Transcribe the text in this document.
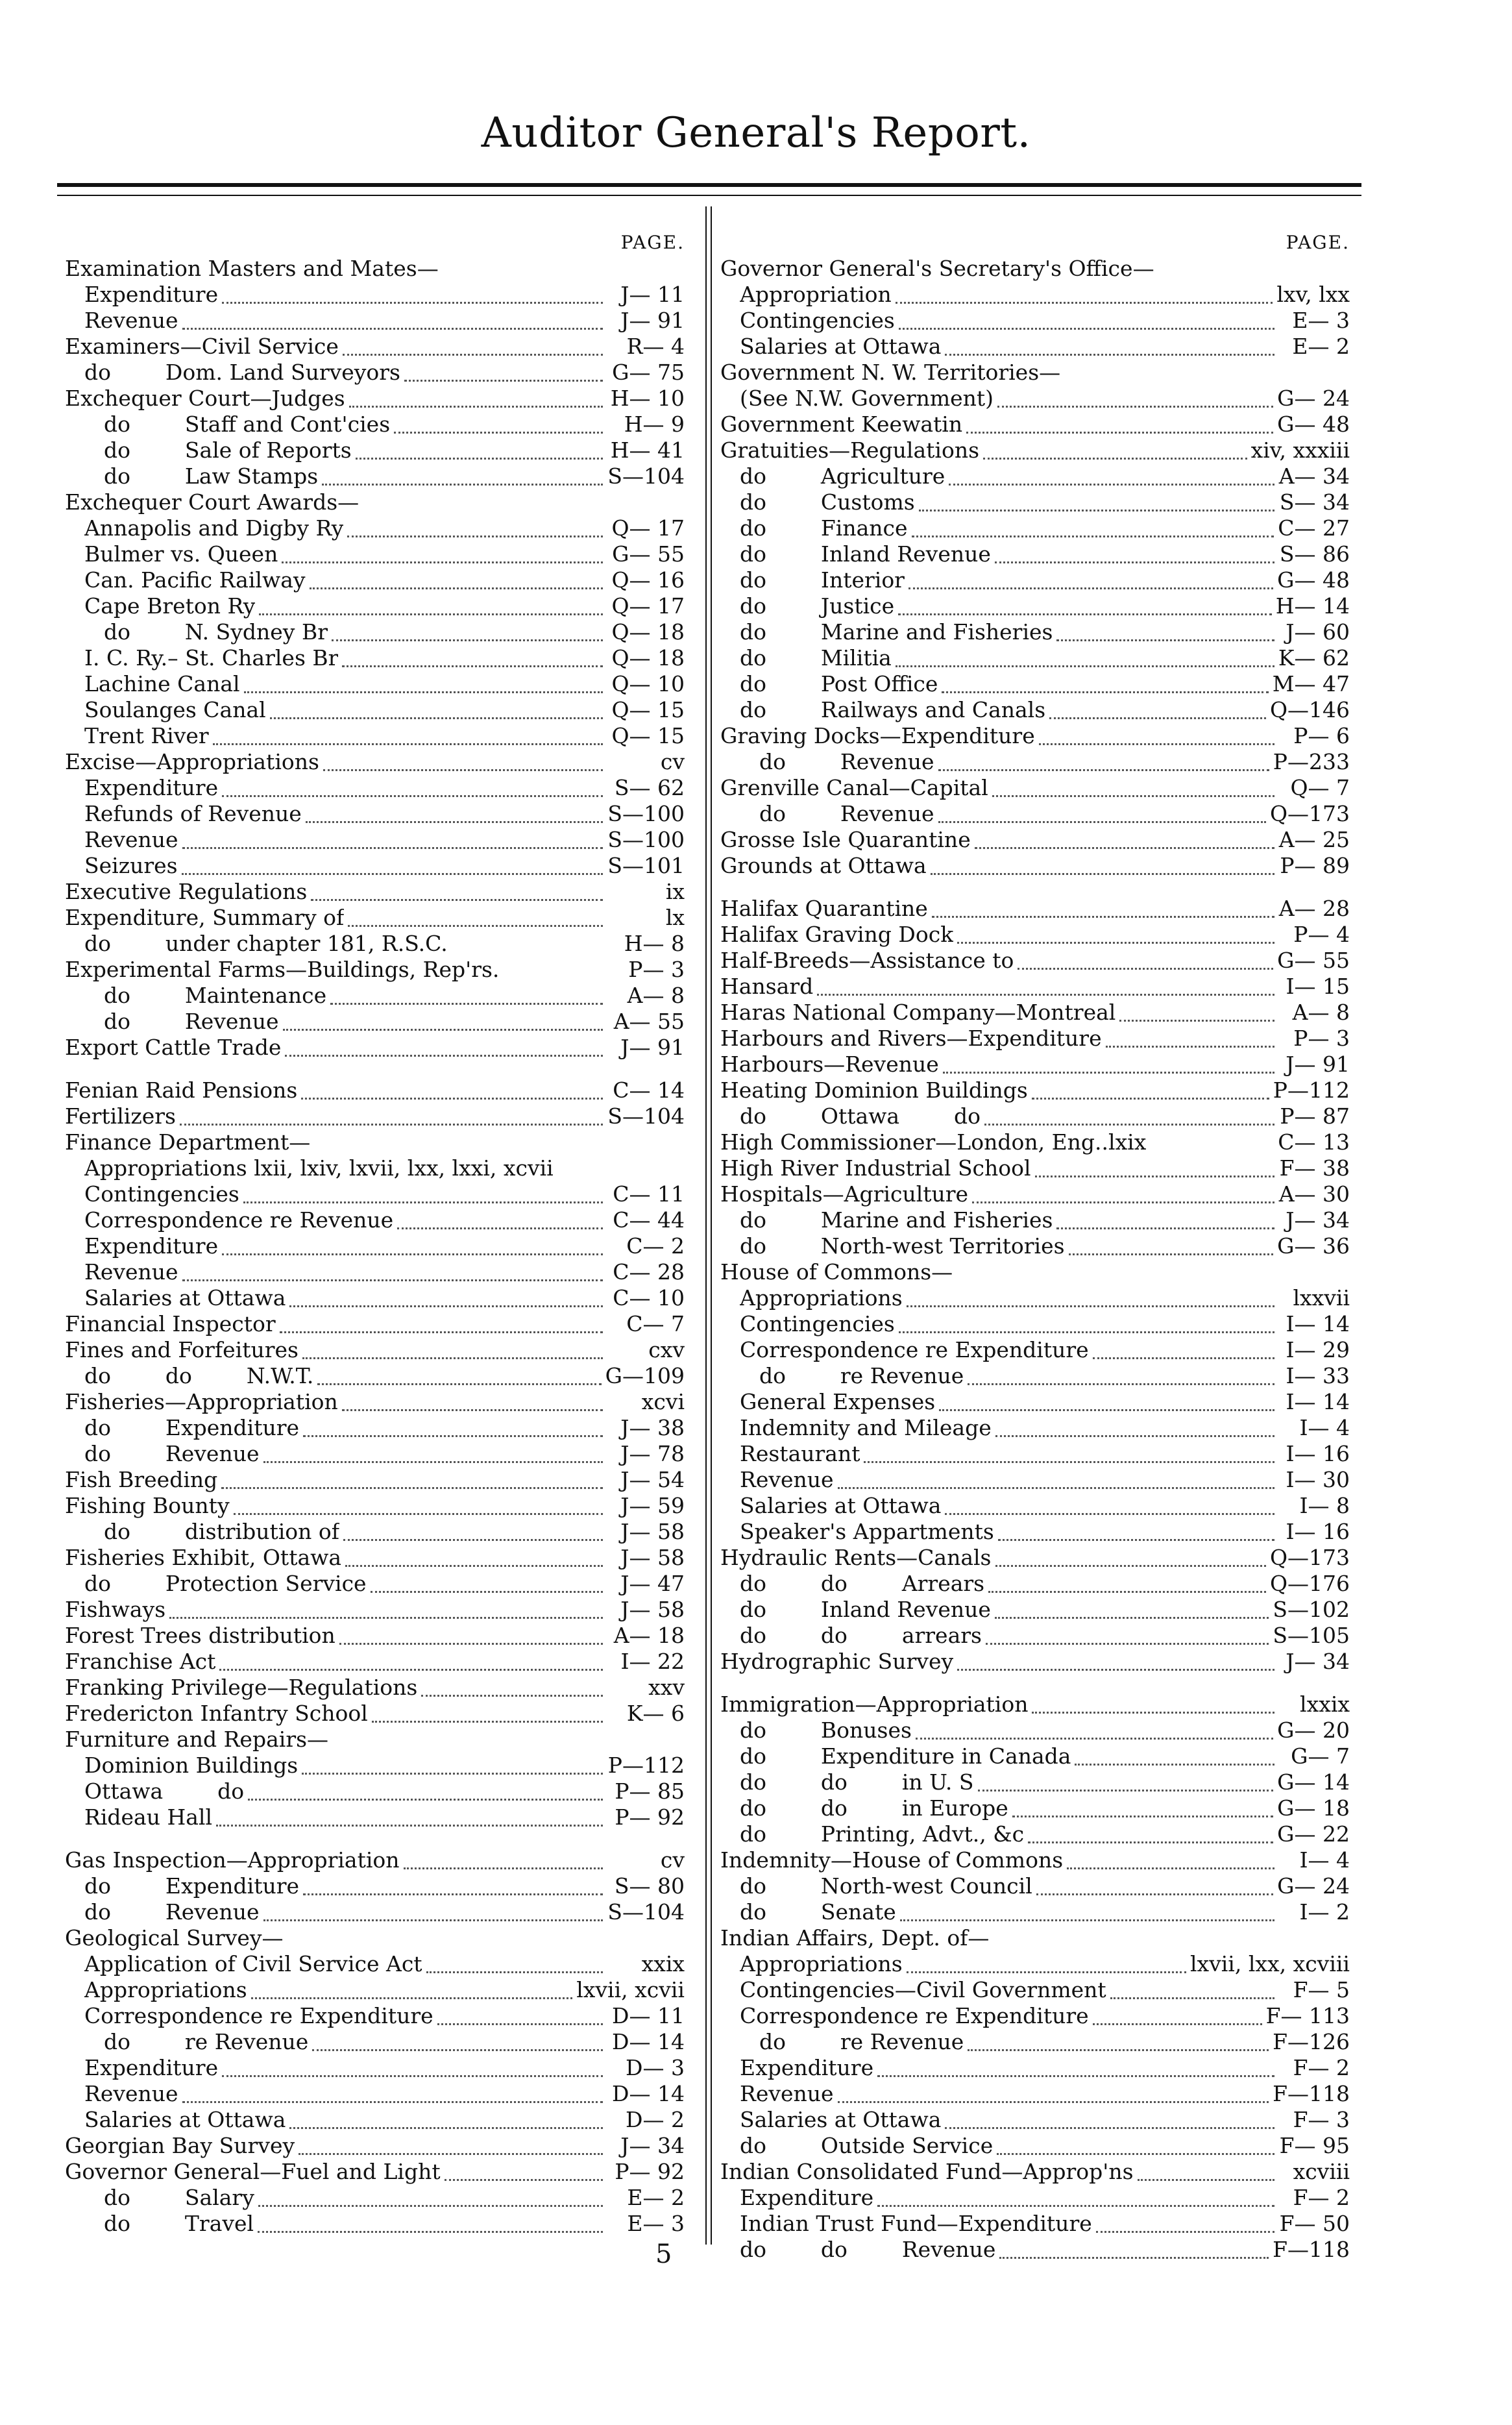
Auditor General's Report.
PAGE.
Examination Masters and Mates—
Expenditure	J— 11
Revenue	J— 91
Examiners—Civil Service	R— 4
do        Dom. Land Surveyors	G— 75
Exchequer Court—Judges	H— 10
do        Staff and Cont'cies	H— 9
do        Sale of Reports	H— 41
do        Law Stamps	S—104
Exchequer Court Awards—
Annapolis and Digby Ry	Q— 17
Bulmer vs. Queen	G— 55
Can. Pacific Railway	Q— 16
Cape Breton Ry	Q— 17
do        N. Sydney Br	Q— 18
I. C. Ry.– St. Charles Br	Q— 18
Lachine Canal	Q— 10
Soulanges Canal	Q— 15
Trent River	Q— 15
Excise—Appropriations	cv
Expenditure	S— 62
Refunds of Revenue	S—100
Revenue	S—100
Seizures	S—101
Executive Regulations	ix
Expenditure, Summary of	lx
do        under chapter 181, R.S.C.	H— 8
Experimental Farms—Buildings, Rep'rs.	P— 3
do        Maintenance	A— 8
do        Revenue	A— 55
Export Cattle Trade	J— 91
Fenian Raid Pensions	C— 14
Fertilizers	S—104
Finance Department—
Appropriations lxii, lxiv, lxvii, lxx, lxxi, xcvii
Contingencies	C— 11
Correspondence re Revenue	C— 44
Expenditure	C— 2
Revenue	C— 28
Salaries at Ottawa	C— 10
Financial Inspector	C— 7
Fines and Forfeitures	cxv
do        do        N.W.T.	G—109
Fisheries—Appropriation	xcvi
do        Expenditure	J— 38
do        Revenue	J— 78
Fish Breeding	J— 54
Fishing Bounty	J— 59
do        distribution of	J— 58
Fisheries Exhibit, Ottawa	J— 58
do        Protection Service	J— 47
Fishways	J— 58
Forest Trees distribution	A— 18
Franchise Act	I— 22
Franking Privilege—Regulations	xxv
Fredericton Infantry School	K— 6
Furniture and Repairs—
Dominion Buildings	P—112
Ottawa        do	P— 85
Rideau Hall	P— 92
Gas Inspection—Appropriation	cv
do        Expenditure	S— 80
do        Revenue	S—104
Geological Survey—
Application of Civil Service Act	xxix
Appropriations	lxvii, xcvii
Correspondence re Expenditure	D— 11
do        re Revenue	D— 14
Expenditure	D— 3
Revenue	D— 14
Salaries at Ottawa	D— 2
Georgian Bay Survey	J— 34
Governor General—Fuel and Light	P— 92
do        Salary	E— 2
do        Travel	E— 3
PAGE.
Governor General's Secretary's Office—
Appropriation	lxv, lxx
Contingencies	E— 3
Salaries at Ottawa	E— 2
Government N. W. Territories—
(See N.W. Government)	G— 24
Government Keewatin	G— 48
Gratuities—Regulations	xiv, xxxiii
do        Agriculture	A— 34
do        Customs	S— 34
do        Finance	C— 27
do        Inland Revenue	S— 86
do        Interior	G— 48
do        Justice	H— 14
do        Marine and Fisheries	J— 60
do        Militia	K— 62
do        Post Office	M— 47
do        Railways and Canals	Q—146
Graving Docks—Expenditure	P— 6
do        Revenue	P—233
Grenville Canal—Capital	Q— 7
do        Revenue	Q—173
Grosse Isle Quarantine	A— 25
Grounds at Ottawa	P— 89
Halifax Quarantine	A— 28
Halifax Graving Dock	P— 4
Half-Breeds—Assistance to	G— 55
Hansard	I— 15
Haras National Company—Montreal	A— 8
Harbours and Rivers—Expenditure	P— 3
Harbours—Revenue	J— 91
Heating Dominion Buildings	P—112
do        Ottawa        do	P— 87
High Commissioner—London, Eng..lxix	C— 13
High River Industrial School	F— 38
Hospitals—Agriculture	A— 30
do        Marine and Fisheries	J— 34
do        North-west Territories	G— 36
House of Commons—
Appropriations	lxxvii
Contingencies	I— 14
Correspondence re Expenditure	I— 29
do        re Revenue	I— 33
General Expenses	I— 14
Indemnity and Mileage	I— 4
Restaurant	I— 16
Revenue	I— 30
Salaries at Ottawa	I— 8
Speaker's Appartments	I— 16
Hydraulic Rents—Canals	Q—173
do        do        Arrears	Q—176
do        Inland Revenue	S—102
do        do        arrears	S—105
Hydrographic Survey	J— 34
Immigration—Appropriation	lxxix
do        Bonuses	G— 20
do        Expenditure in Canada	G— 7
do        do        in U. S	G— 14
do        do        in Europe	G— 18
do        Printing, Advt., &c	G— 22
Indemnity—House of Commons	I— 4
do        North-west Council	G— 24
do        Senate	I— 2
Indian Affairs, Dept. of—
Appropriations	lxvii, lxx, xcviii
Contingencies—Civil Government	F— 5
Correspondence re Expenditure	F— 113
do        re Revenue	F—126
Expenditure	F— 2
Revenue	F—118
Salaries at Ottawa	F— 3
do        Outside Service	F— 95
Indian Consolidated Fund—Approp'ns	xcviii
Expenditure	F— 2
Indian Trust Fund—Expenditure	F— 50
do        do        Revenue	F—118
5
